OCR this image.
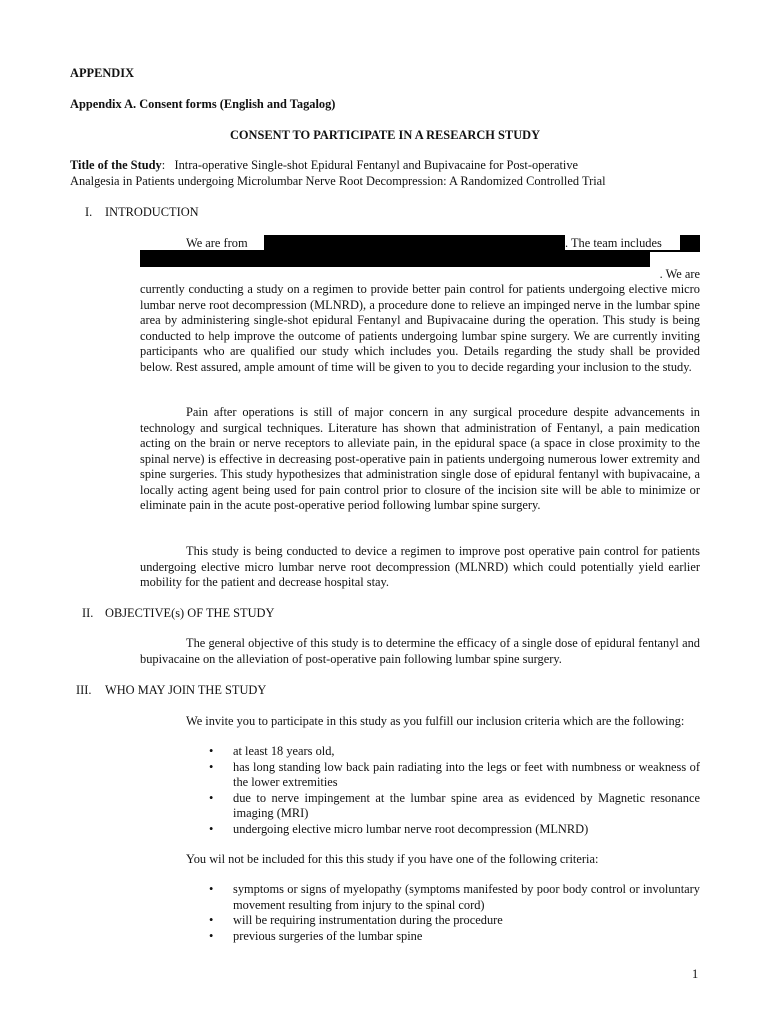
APPENDIX
Appendix A. Consent forms (English and Tagalog)
CONSENT TO PARTICIPATE IN A RESEARCH STUDY
Title of the Study: Intra-operative Single-shot Epidural Fentanyl and Bupivacaine for Post-operative
Analgesia in Patients undergoing Microlumbar Nerve Root Decompression: A Randomized Controlled Trial
I. INTRODUCTION
We are from	. The team includes
. We are
currently conducting a study on a regimen to provide better pain control for patients undergoing elective micro lumbar nerve root decompression (MLNRD), a procedure done to relieve an impinged nerve in the lumbar spine area by administering single-shot epidural Fentanyl and Bupivacaine during the operation. This study is being conducted to help improve the outcome of patients undergoing lumbar spine surgery. We are currently inviting participants who are qualified our study which includes you. Details regarding the study shall be provided below. Rest assured, ample amount of time will be given to you to decide regarding your inclusion to the study.
Pain after operations is still of major concern in any surgical procedure despite advancements in technology and surgical techniques. Literature has shown that administration of Fentanyl, a pain medication acting on the brain or nerve receptors to alleviate pain, in the epidural space (a space in close proximity to the spinal nerve) is effective in decreasing post-operative pain in patients undergoing numerous lower extremity and spine surgeries. This study hypothesizes that administration single dose of epidural fentanyl with bupivacaine, a locally acting agent being used for pain control prior to closure of the incision site will be able to minimize or eliminate pain in the acute post-operative period following lumbar spine surgery.
This study is being conducted to device a regimen to improve post operative pain control for patients undergoing elective micro lumbar nerve root decompression (MLNRD) which could potentially yield earlier mobility for the patient and decrease hospital stay.
II. OBJECTIVE(s) OF THE STUDY
The general objective of this study is to determine the efficacy of a single dose of epidural fentanyl and bupivacaine on the alleviation of post-operative pain following lumbar spine surgery.
III. WHO MAY JOIN THE STUDY
We invite you to participate in this study as you fulfill our inclusion criteria which are the following:
• at least 18 years old,
• has long standing low back pain radiating into the legs or feet with numbness or weakness of the lower extremities
• due to nerve impingement at the lumbar spine area as evidenced by Magnetic resonance imaging (MRI)
• undergoing elective micro lumbar nerve root decompression (MLNRD)
You wil not be included for this this study if you have one of the following criteria:
• symptoms or signs of myelopathy (symptoms manifested by poor body control or involuntary movement resulting from injury to the spinal cord)
• will be requiring instrumentation during the procedure
• previous surgeries of the lumbar spine
1
